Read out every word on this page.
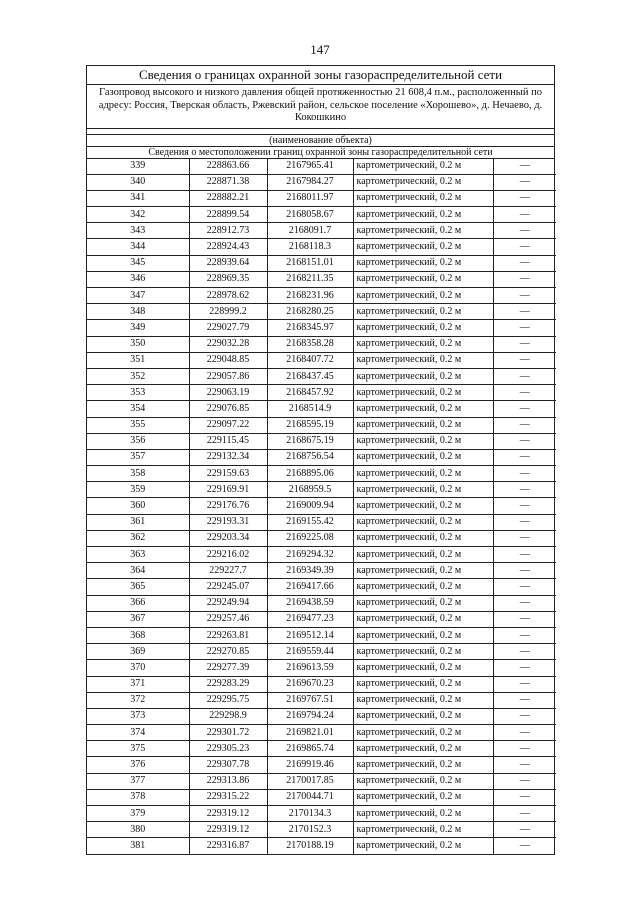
147
Сведения о границах охранной зоны газораспределительной сети
Газопровод высокого и низкого давления общей протяженностью 21 608,4 п.м., расположенный по адресу: Россия, Тверская область, Ржевский район, сельское поселение «Хорошево», д. Нечаево, д. Кокошкино
(наименование объекта)
Сведения о местоположении границ охранной зоны газораспределительной сети
339	228863.66	2167965.41	картометрический, 0.2 м	—
340	228871.38	2167984.27	картометрический, 0.2 м	—
341	228882.21	2168011.97	картометрический, 0.2 м	—
342	228899.54	2168058.67	картометрический, 0.2 м	—
343	228912.73	2168091.7	картометрический, 0.2 м	—
344	228924.43	2168118.3	картометрический, 0.2 м	—
345	228939.64	2168151.01	картометрический, 0.2 м	—
346	228969.35	2168211.35	картометрический, 0.2 м	—
347	228978.62	2168231.96	картометрический, 0.2 м	—
348	228999.2	2168280.25	картометрический, 0.2 м	—
349	229027.79	2168345.97	картометрический, 0.2 м	—
350	229032.28	2168358.28	картометрический, 0.2 м	—
351	229048.85	2168407.72	картометрический, 0.2 м	—
352	229057.86	2168437.45	картометрический, 0.2 м	—
353	229063.19	2168457.92	картометрический, 0.2 м	—
354	229076.85	2168514.9	картометрический, 0.2 м	—
355	229097.22	2168595.19	картометрический, 0.2 м	—
356	229115.45	2168675.19	картометрический, 0.2 м	—
357	229132.34	2168756.54	картометрический, 0.2 м	—
358	229159.63	2168895.06	картометрический, 0.2 м	—
359	229169.91	2168959.5	картометрический, 0.2 м	—
360	229176.76	2169009.94	картометрический, 0.2 м	—
361	229193.31	2169155.42	картометрический, 0.2 м	—
362	229203.34	2169225.08	картометрический, 0.2 м	—
363	229216.02	2169294.32	картометрический, 0.2 м	—
364	229227.7	2169349.39	картометрический, 0.2 м	—
365	229245.07	2169417.66	картометрический, 0.2 м	—
366	229249.94	2169438.59	картометрический, 0.2 м	—
367	229257.46	2169477.23	картометрический, 0.2 м	—
368	229263.81	2169512.14	картометрический, 0.2 м	—
369	229270.85	2169559.44	картометрический, 0.2 м	—
370	229277.39	2169613.59	картометрический, 0.2 м	—
371	229283.29	2169670.23	картометрический, 0.2 м	—
372	229295.75	2169767.51	картометрический, 0.2 м	—
373	229298.9	2169794.24	картометрический, 0.2 м	—
374	229301.72	2169821.01	картометрический, 0.2 м	—
375	229305.23	2169865.74	картометрический, 0.2 м	—
376	229307.78	2169919.46	картометрический, 0.2 м	—
377	229313.86	2170017.85	картометрический, 0.2 м	—
378	229315.22	2170044.71	картометрический, 0.2 м	—
379	229319.12	2170134.3	картометрический, 0.2 м	—
380	229319.12	2170152.3	картометрический, 0.2 м	—
381	229316.87	2170188.19	картометрический, 0.2 м	—
